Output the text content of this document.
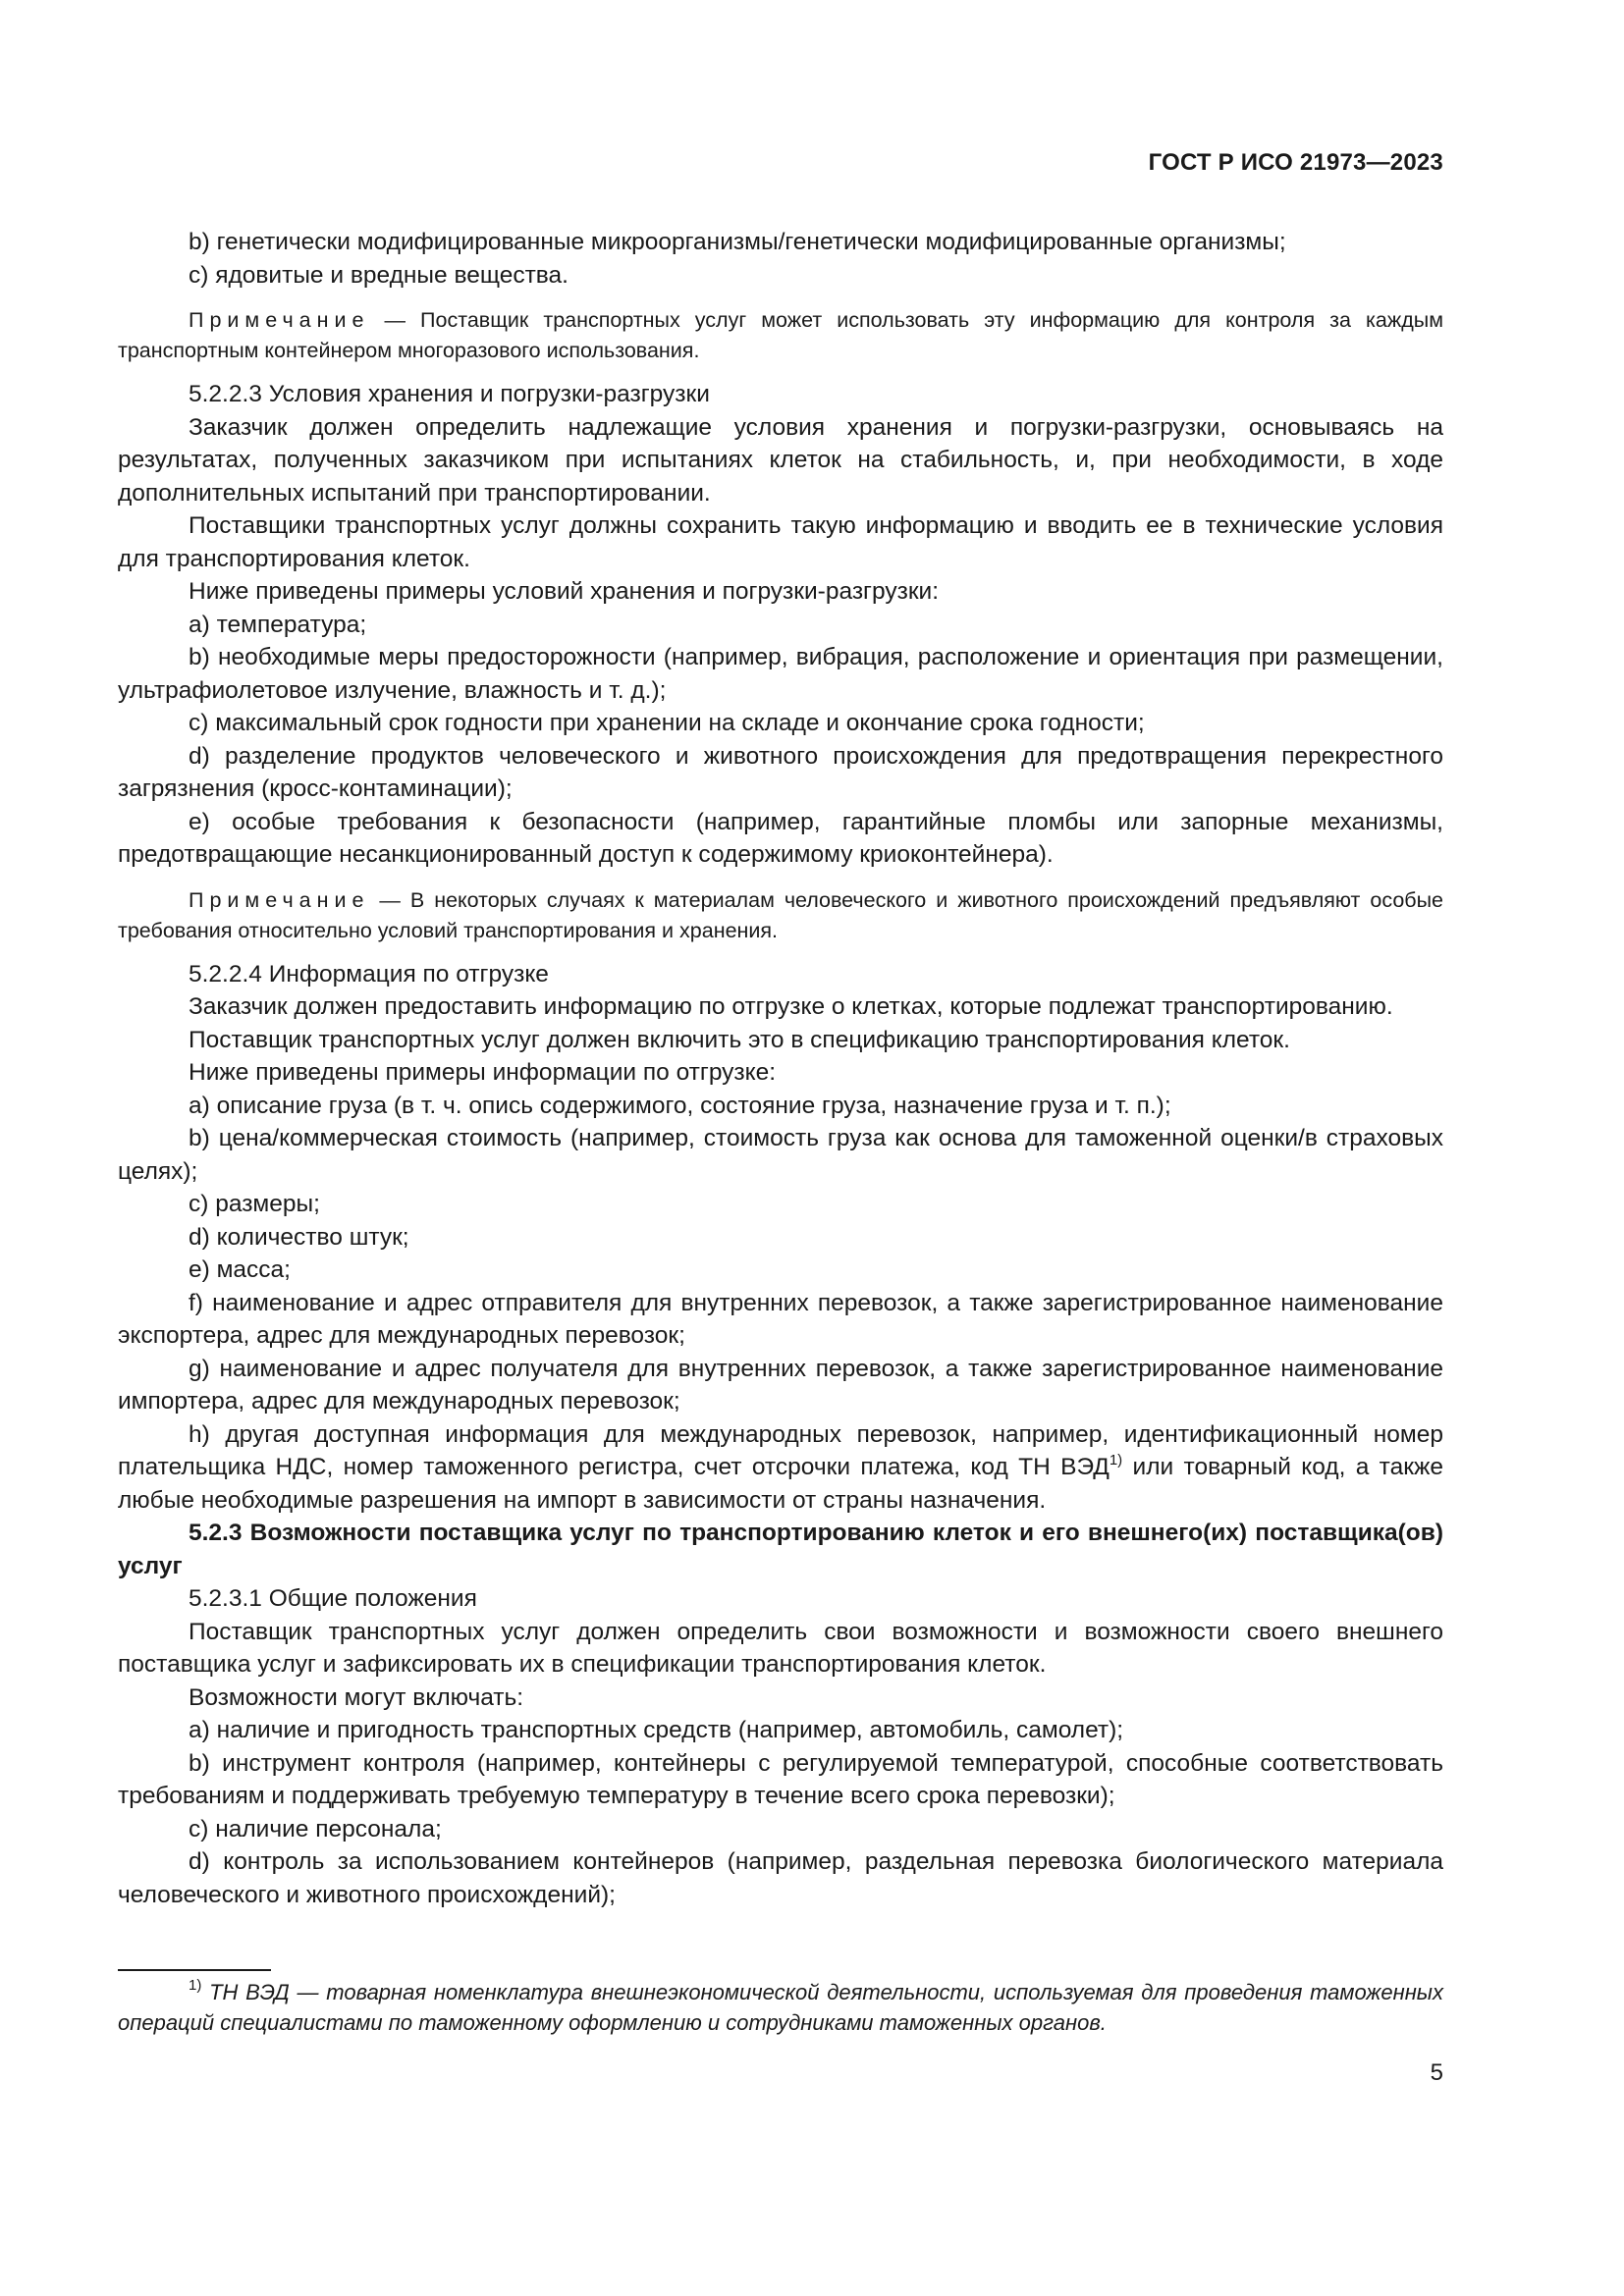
ГОСТ Р ИСО 21973—2023

b) генетически модифицированные микроорганизмы/генетически модифицированные организмы;

c) ядовитые и вредные вещества.

Примечание — Поставщик транспортных услуг может использовать эту информацию для контроля за каждым транспортным контейнером многоразового использования.

5.2.2.3 Условия хранения и погрузки-разгрузки

Заказчик должен определить надлежащие условия хранения и погрузки-разгрузки, основываясь на результатах, полученных заказчиком при испытаниях клеток на стабильность, и, при необходимости, в ходе дополнительных испытаний при транспортировании.

Поставщики транспортных услуг должны сохранить такую информацию и вводить ее в технические условия для транспортирования клеток.

Ниже приведены примеры условий хранения и погрузки-разгрузки:

a) температура;

b) необходимые меры предосторожности (например, вибрация, расположение и ориентация при размещении, ультрафиолетовое излучение, влажность и т. д.);

c) максимальный срок годности при хранении на складе и окончание срока годности;

d) разделение продуктов человеческого и животного происхождения для предотвращения перекрестного загрязнения (кросс-контаминации);

e) особые требования к безопасности (например, гарантийные пломбы или запорные механизмы, предотвращающие несанкционированный доступ к содержимому криоконтейнера).

Примечание — В некоторых случаях к материалам человеческого и животного происхождений предъявляют особые требования относительно условий транспортирования и хранения.

5.2.2.4 Информация по отгрузке

Заказчик должен предоставить информацию по отгрузке о клетках, которые подлежат транспортированию.

Поставщик транспортных услуг должен включить это в спецификацию транспортирования клеток.

Ниже приведены примеры информации по отгрузке:

a) описание груза (в т. ч. опись содержимого, состояние груза, назначение груза и т. п.);

b) цена/коммерческая стоимость (например, стоимость груза как основа для таможенной оценки/в страховых целях);

c) размеры;

d) количество штук;

e) масса;

f) наименование и адрес отправителя для внутренних перевозок, а также зарегистрированное наименование экспортера, адрес для международных перевозок;

g) наименование и адрес получателя для внутренних перевозок, а также зарегистрированное наименование импортера, адрес для международных перевозок;

h) другая доступная информация для международных перевозок, например, идентификационный номер плательщика НДС, номер таможенного регистра, счет отсрочки платежа, код ТН ВЭД$^{1)}$ или товарный код, а также любые необходимые разрешения на импорт в зависимости от страны назначения.

5.2.3 Возможности поставщика услуг по транспортированию клеток и его внешнего(их) поставщика(ов) услуг

5.2.3.1 Общие положения

Поставщик транспортных услуг должен определить свои возможности и возможности своего внешнего поставщика услуг и зафиксировать их в спецификации транспортирования клеток.

Возможности могут включать:

a) наличие и пригодность транспортных средств (например, автомобиль, самолет);

b) инструмент контроля (например, контейнеры с регулируемой температурой, способные соответствовать требованиям и поддерживать требуемую температуру в течение всего срока перевозки);

c) наличие персонала;

d) контроль за использованием контейнеров (например, раздельная перевозка биологического материала человеческого и животного происхождений);

$^{1)}$ ТН ВЭД — товарная номенклатура внешнеэкономической деятельности, используемая для проведения таможенных операций специалистами по таможенному оформлению и сотрудниками таможенных органов.
5
